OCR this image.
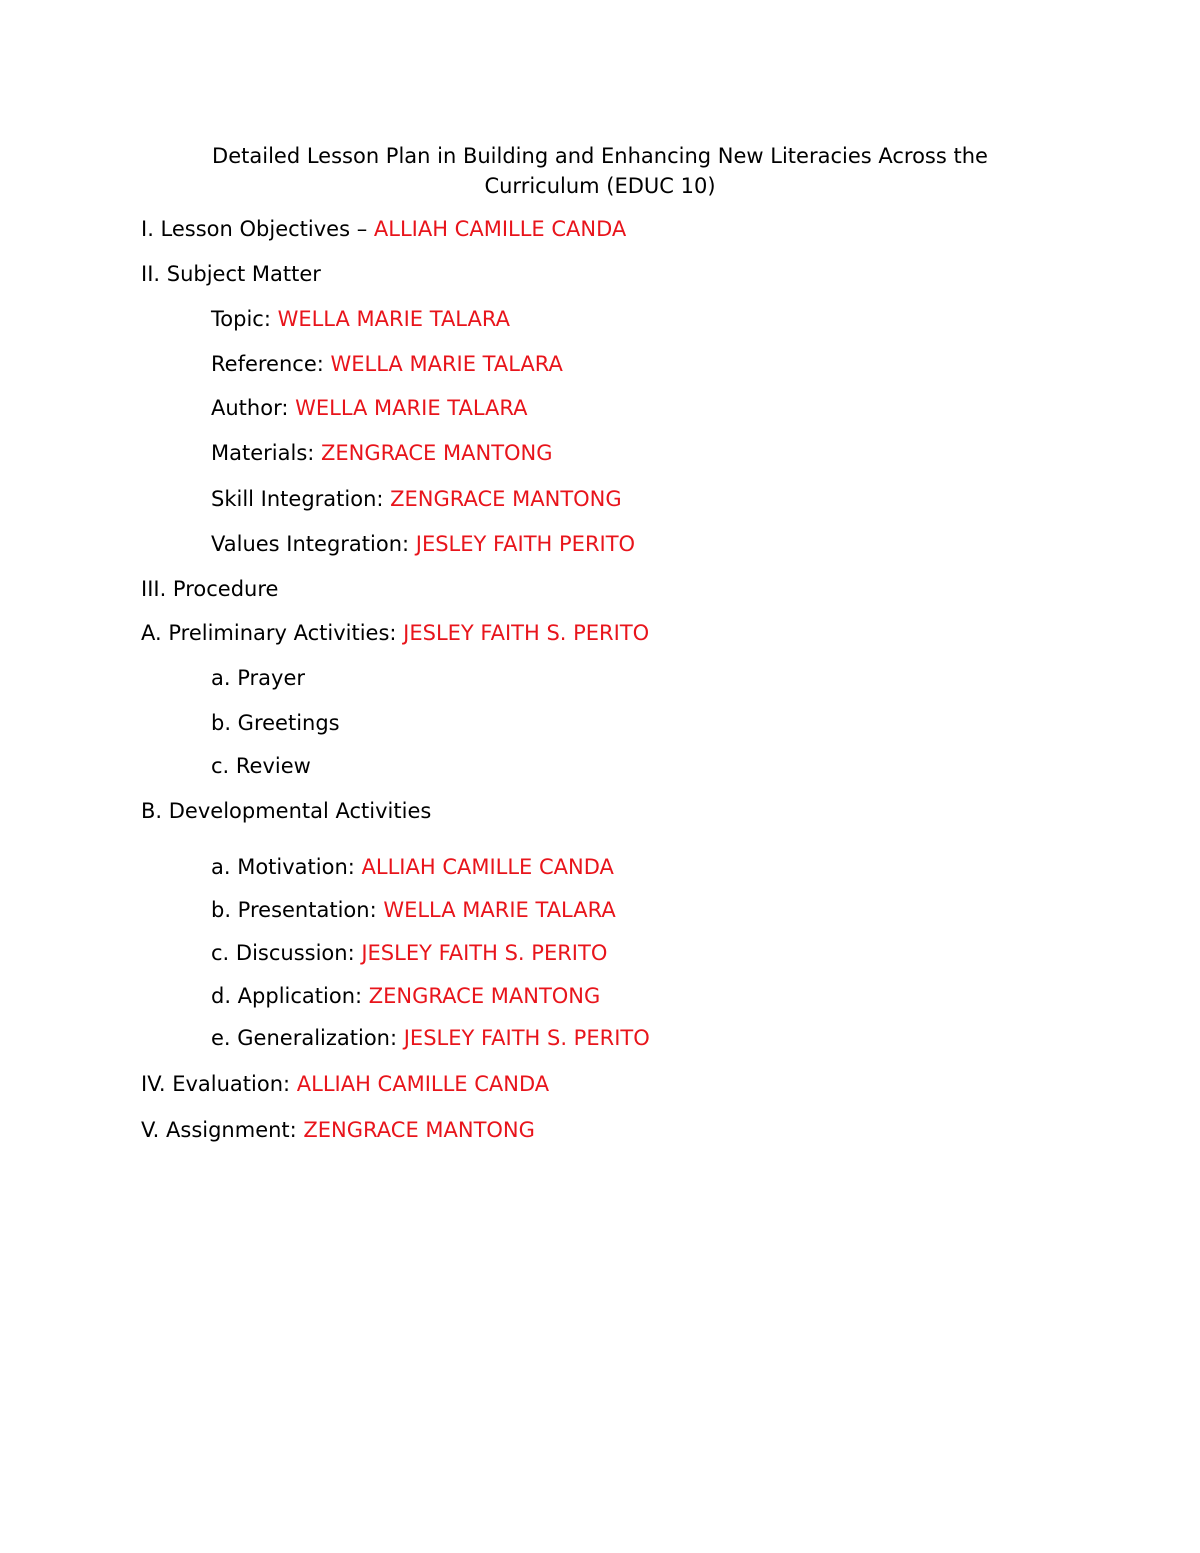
Detailed Lesson Plan in Building and Enhancing New Literacies Across the
Curriculum (EDUC 10)
I. Lesson Objectives – ALLIAH CAMILLE CANDA
II. Subject Matter
Topic: WELLA MARIE TALARA
Reference: WELLA MARIE TALARA
Author: WELLA MARIE TALARA
Materials: ZENGRACE MANTONG
Skill Integration: ZENGRACE MANTONG
Values Integration: JESLEY FAITH PERITO
III. Procedure
A. Preliminary Activities: JESLEY FAITH S. PERITO
a. Prayer
b. Greetings
c. Review
B. Developmental Activities
a. Motivation: ALLIAH CAMILLE CANDA
b. Presentation: WELLA MARIE TALARA
c. Discussion: JESLEY FAITH S. PERITO
d. Application: ZENGRACE MANTONG
e. Generalization: JESLEY FAITH S. PERITO
IV. Evaluation: ALLIAH CAMILLE CANDA
V. Assignment: ZENGRACE MANTONG
